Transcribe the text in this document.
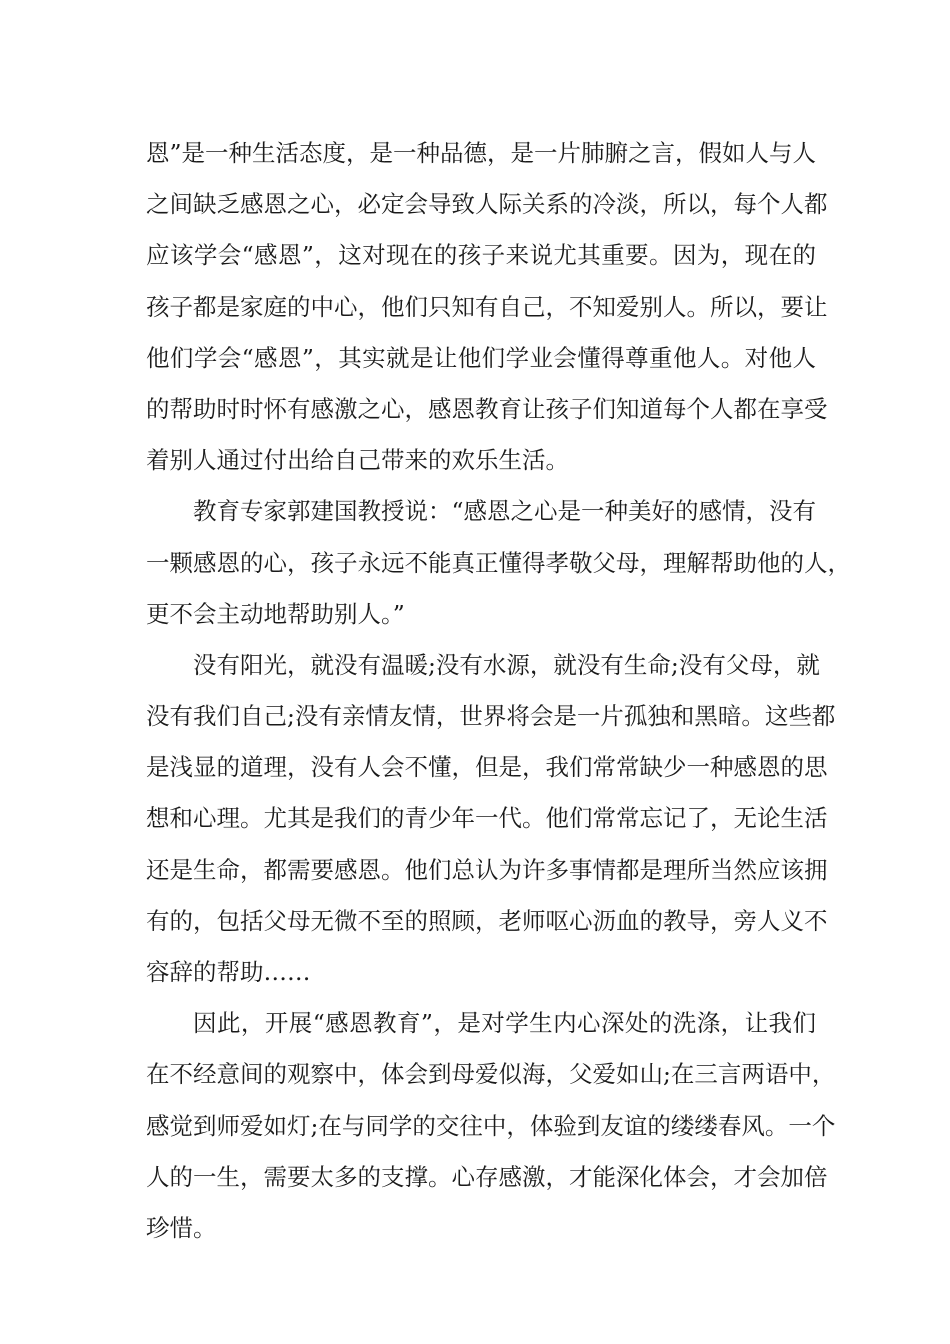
恩”是一种生活态度，是一种品德，是一片肺腑之言，假如人与人
之间缺乏感恩之心，必定会导致人际关系的冷淡，所以，每个人都
应该学会“感恩”，这对现在的孩子来说尤其重要。因为，现在的
孩子都是家庭的中心，他们只知有自己，不知爱别人。所以，要让
他们学会“感恩”，其实就是让他们学业会懂得尊重他人。对他人
的帮助时时怀有感激之心，感恩教育让孩子们知道每个人都在享受
着别人通过付出给自己带来的欢乐生活。
教育专家郭建国教授说：“感恩之心是一种美好的感情，没有
一颗感恩的心，孩子永远不能真正懂得孝敬父母，理解帮助他的人，
更不会主动地帮助别人。”
没有阳光，就没有温暖;没有水源，就没有生命;没有父母，就
没有我们自己;没有亲情友情，世界将会是一片孤独和黑暗。这些都
是浅显的道理，没有人会不懂，但是，我们常常缺少一种感恩的思
想和心理。尤其是我们的青少年一代。他们常常忘记了，无论生活
还是生命，都需要感恩。他们总认为许多事情都是理所当然应该拥
有的，包括父母无微不至的照顾，老师呕心沥血的教导，旁人义不
容辞的帮助……
因此，开展“感恩教育”，是对学生内心深处的洗涤，让我们
在不经意间的观察中，体会到母爱似海，父爱如山;在三言两语中，
感觉到师爱如灯;在与同学的交往中，体验到友谊的缕缕春风。一个
人的一生，需要太多的支撑。心存感激，才能深化体会，才会加倍
珍惜。
